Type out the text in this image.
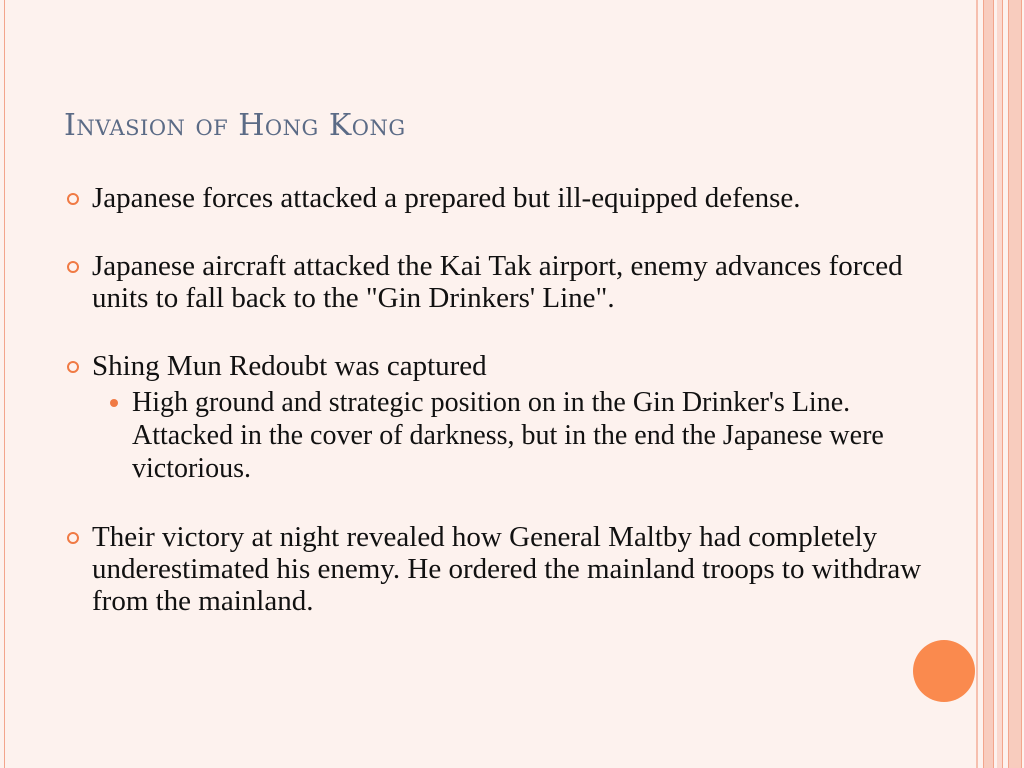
Invasion of Hong Kong
Japanese forces attacked a prepared but ill-equipped defense.
Japanese aircraft attacked the Kai Tak airport, enemy advances forced units to fall back to the "Gin Drinkers' Line".
Shing Mun Redoubt was captured
High ground and strategic position on in the Gin Drinker's Line. Attacked in the cover of darkness, but in the end the Japanese were victorious.
Their victory at night revealed how General Maltby had completely underestimated his enemy. He ordered the mainland troops to withdraw from the mainland.
